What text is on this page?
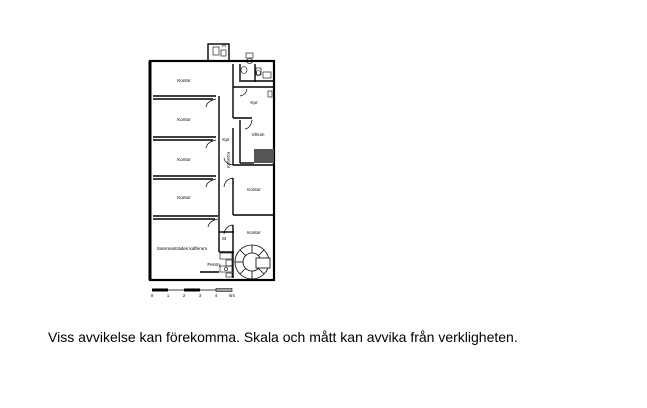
Kontor
Kontor
Kontor
Kontor
Kontor
Kontor
Sammanträdes kafferum
Korridor
Kpr
Kpr
Vilrum
Pentry
St
0	1	2	3	4	5m

Viss avvikelse kan förekomma. Skala och mått kan avvika från verkligheten.
